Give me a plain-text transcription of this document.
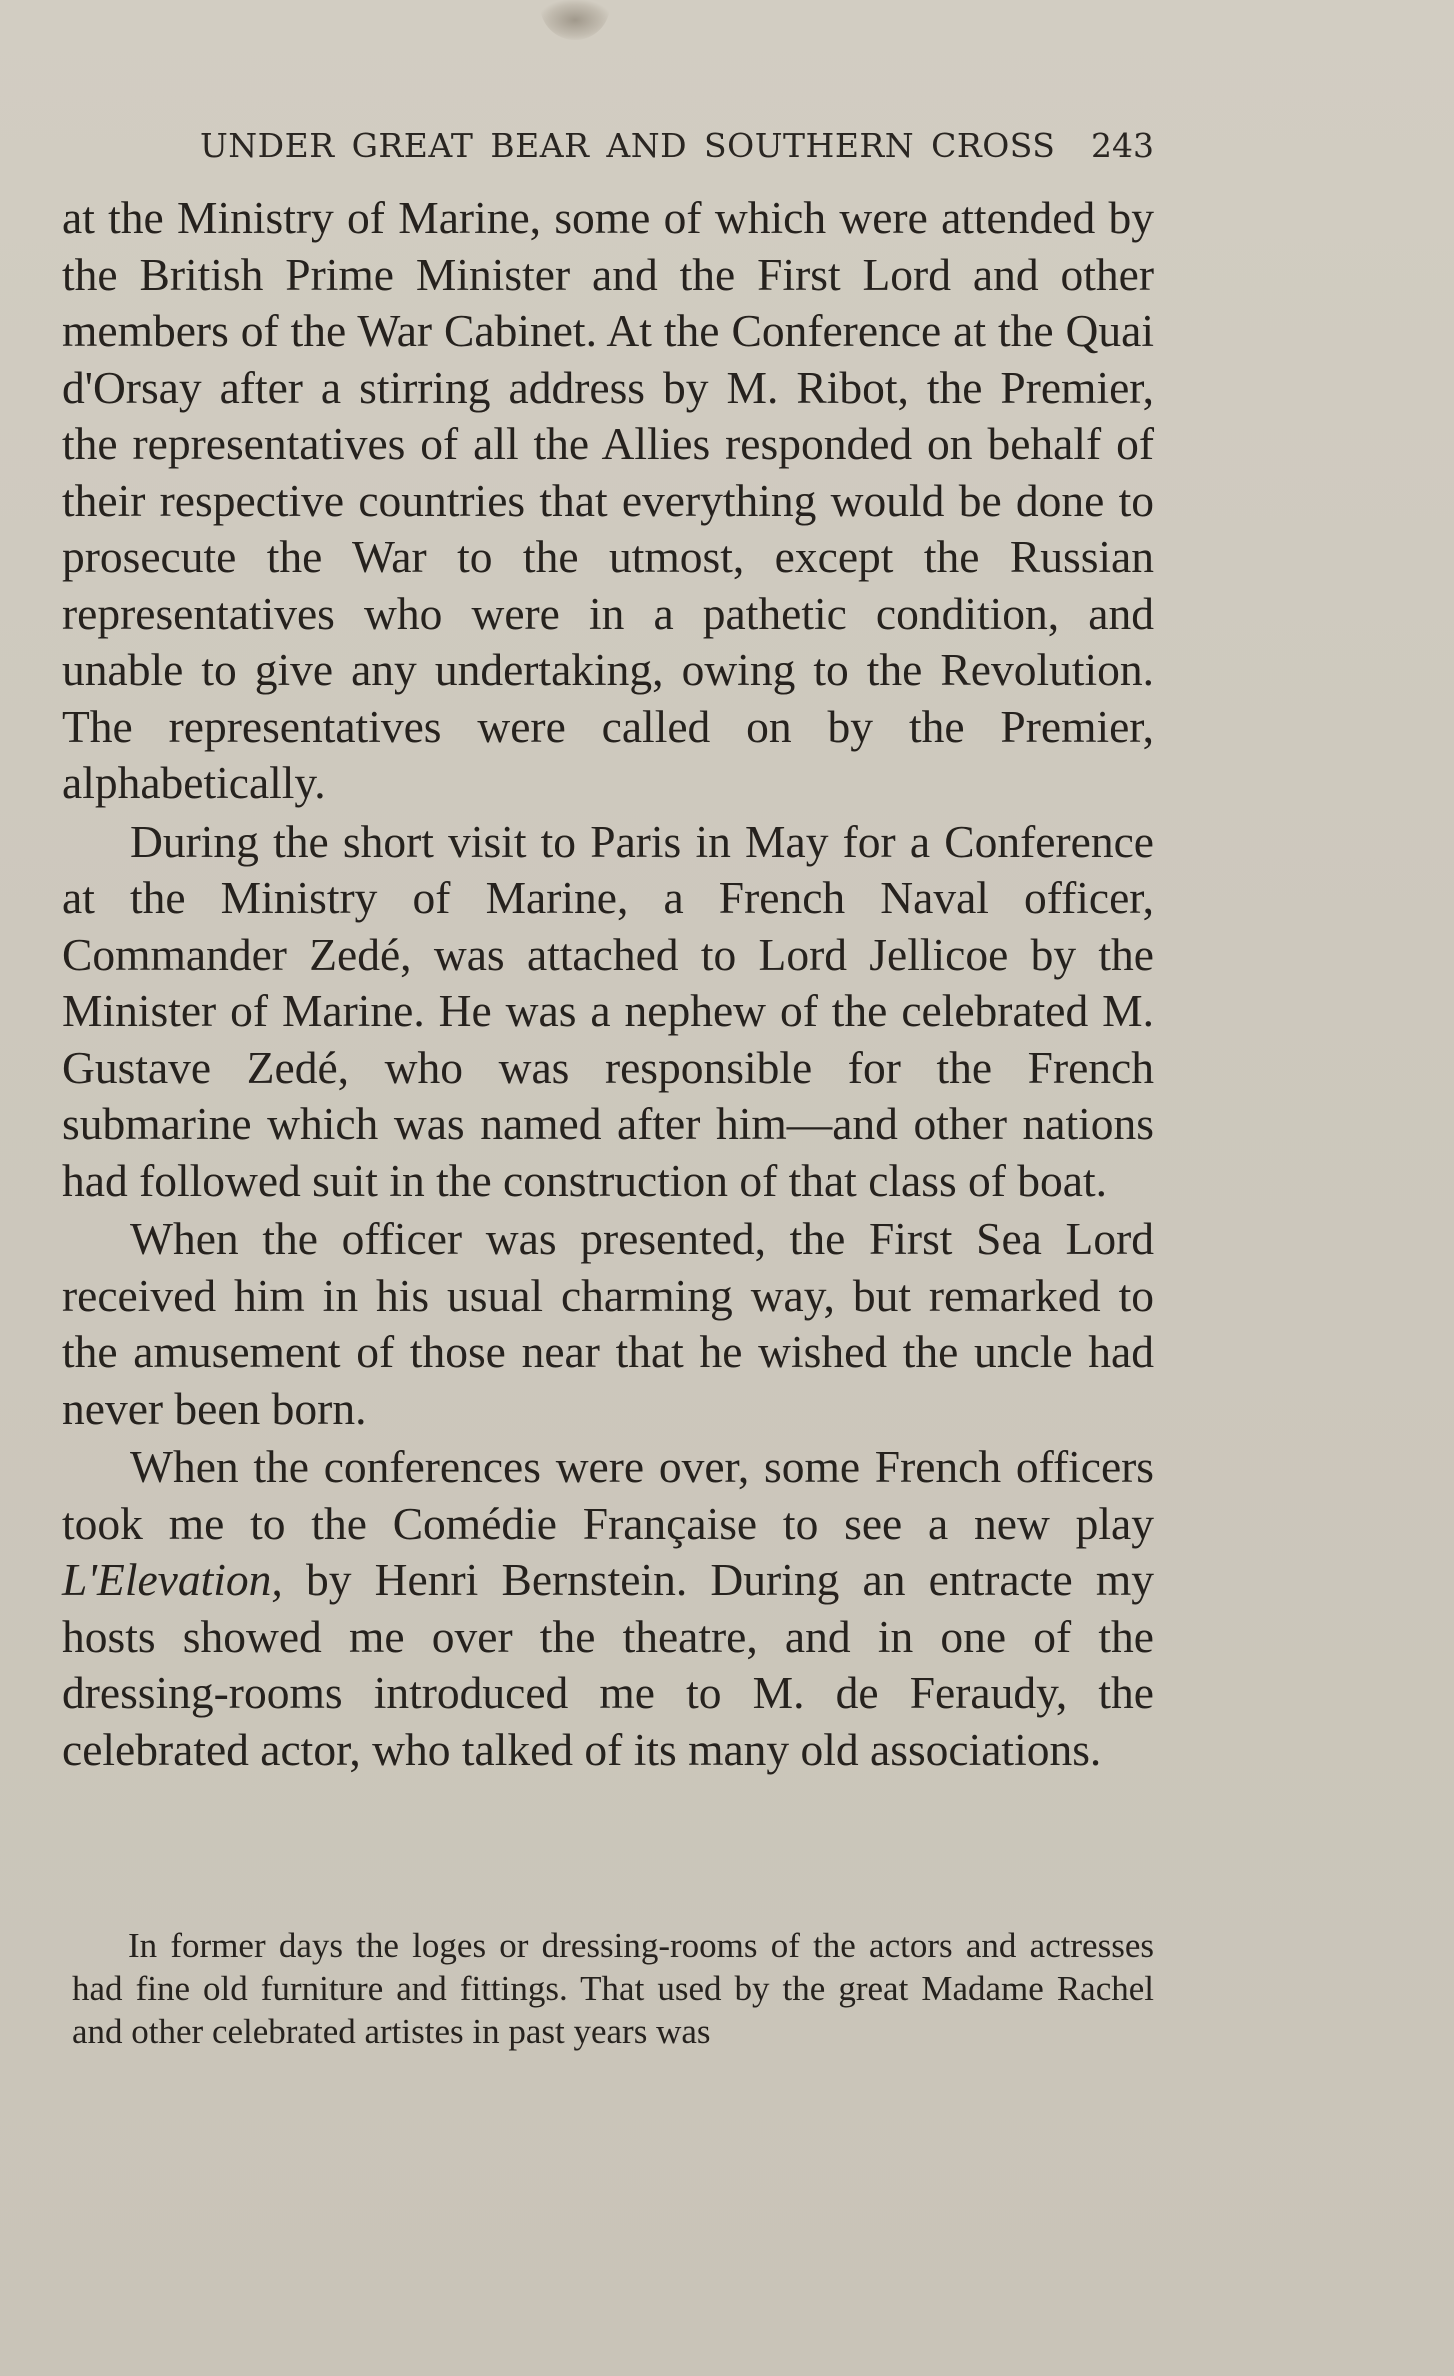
UNDER GREAT BEAR AND SOUTHERN CROSS 243

at the Ministry of Marine, some of which were attended by the British Prime Minister and the First Lord and other members of the War Cabinet. At the Conference at the Quai d'Orsay after a stirring address by M. Ribot, the Premier, the representatives of all the Allies responded on behalf of their respective countries that everything would be done to prosecute the War to the utmost, except the Russian representatives who were in a pathetic condition, and unable to give any undertaking, owing to the Revolution. The representatives were called on by the Premier, alphabetically.

During the short visit to Paris in May for a Conference at the Ministry of Marine, a French Naval officer, Commander Zedé, was attached to Lord Jellicoe by the Minister of Marine. He was a nephew of the celebrated M. Gustave Zedé, who was responsible for the French submarine which was named after him—and other nations had followed suit in the construction of that class of boat.

When the officer was presented, the First Sea Lord received him in his usual charming way, but remarked to the amusement of those near that he wished the uncle had never been born.

When the conferences were over, some French officers took me to the Comédie Française to see a new play L'Elevation, by Henri Bernstein. During an entracte my hosts showed me over the theatre, and in one of the dressing-rooms introduced me to M. de Feraudy, the celebrated actor, who talked of its many old associations.

In former days the loges or dressing-rooms of the actors and actresses had fine old furniture and fittings. That used by the great Madame Rachel and other celebrated artistes in past years was
